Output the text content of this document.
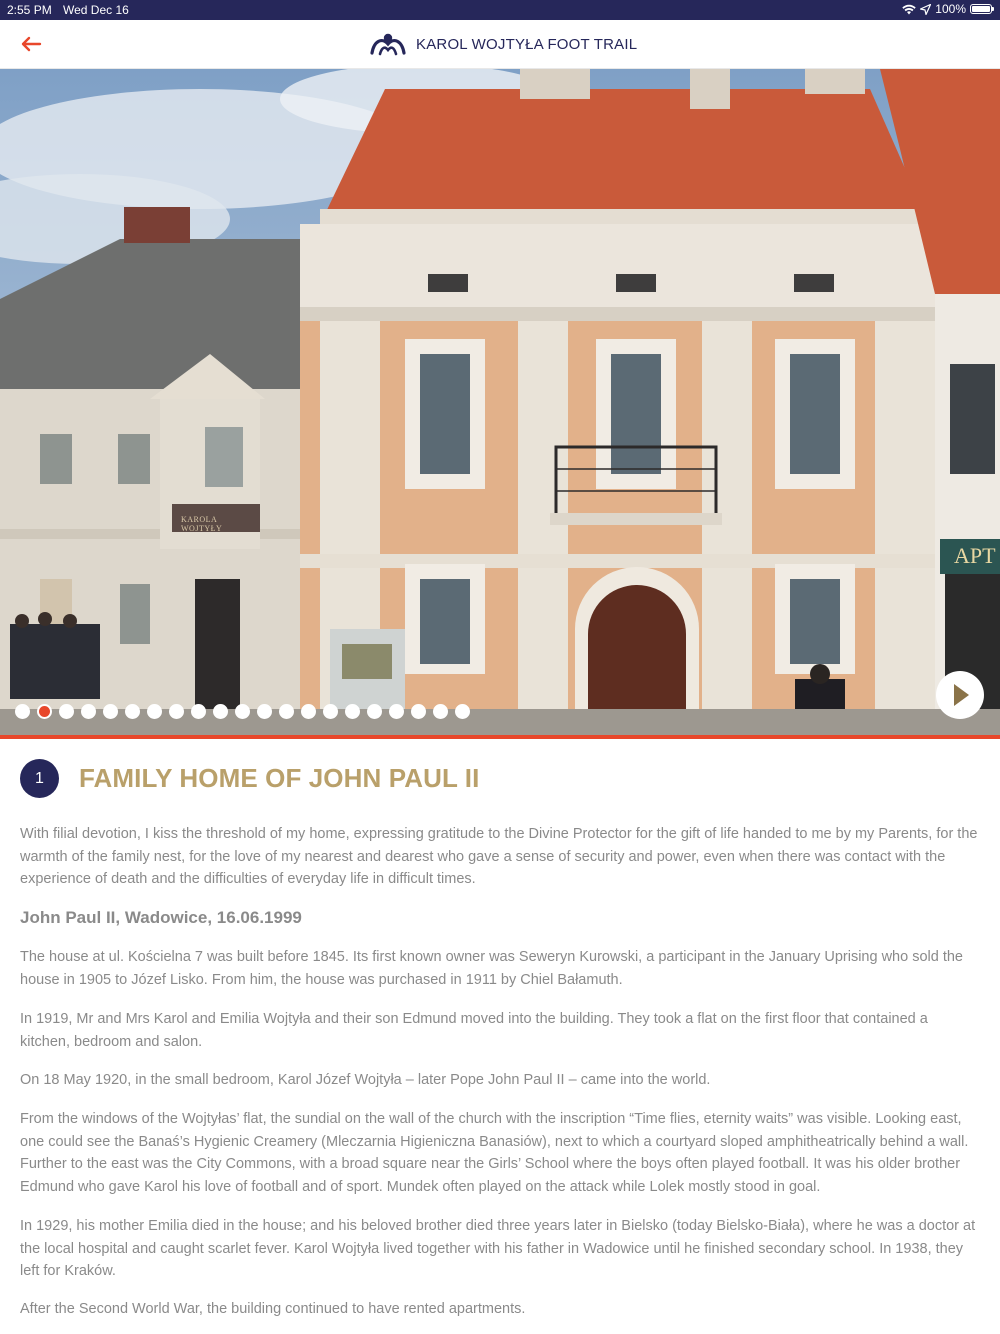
2:55 PM Wed Dec 16	100%
KAROL WOJTYŁA FOOT TRAIL
KAROLA WOJTYŁY
APT
1	FAMILY HOME OF JOHN PAUL II

With filial devotion, I kiss the threshold of my home, expressing gratitude to the Divine Protector for the gift of life handed to me by my Parents, for the warmth of the family nest, for the love of my nearest and dearest who gave a sense of security and power, even when there was contact with the experience of death and the difficulties of everyday life in difficult times.

John Paul II, Wadowice, 16.06.1999

The house at ul. Kościelna 7 was built before 1845. Its first known owner was Seweryn Kurowski, a participant in the January Uprising who sold the house in 1905 to Józef Lisko. From him, the house was purchased in 1911 by Chiel Bałamuth.

In 1919, Mr and Mrs Karol and Emilia Wojtyła and their son Edmund moved into the building. They took a flat on the first floor that contained a kitchen, bedroom and salon.

On 18 May 1920, in the small bedroom, Karol Józef Wojtyła – later Pope John Paul II – came into the world.

From the windows of the Wojtyłas’ flat, the sundial on the wall of the church with the inscription “Time flies, eternity waits” was visible. Looking east, one could see the Banaś’s Hygienic Creamery (Mleczarnia Higieniczna Banasiów), next to which a courtyard sloped amphitheatrically behind a wall. Further to the east was the City Commons, with a broad square near the Girls’ School where the boys often played football. It was his older brother Edmund who gave Karol his love of football and of sport. Mundek often played on the attack while Lolek mostly stood in goal.

In 1929, his mother Emilia died in the house; and his beloved brother died three years later in Bielsko (today Bielsko-Biała), where he was a doctor at the local hospital and caught scarlet fever. Karol Wojtyła lived together with his father in Wadowice until he finished secondary school. In 1938, they left for Kraków.

After the Second World War, the building continued to have rented apartments.
